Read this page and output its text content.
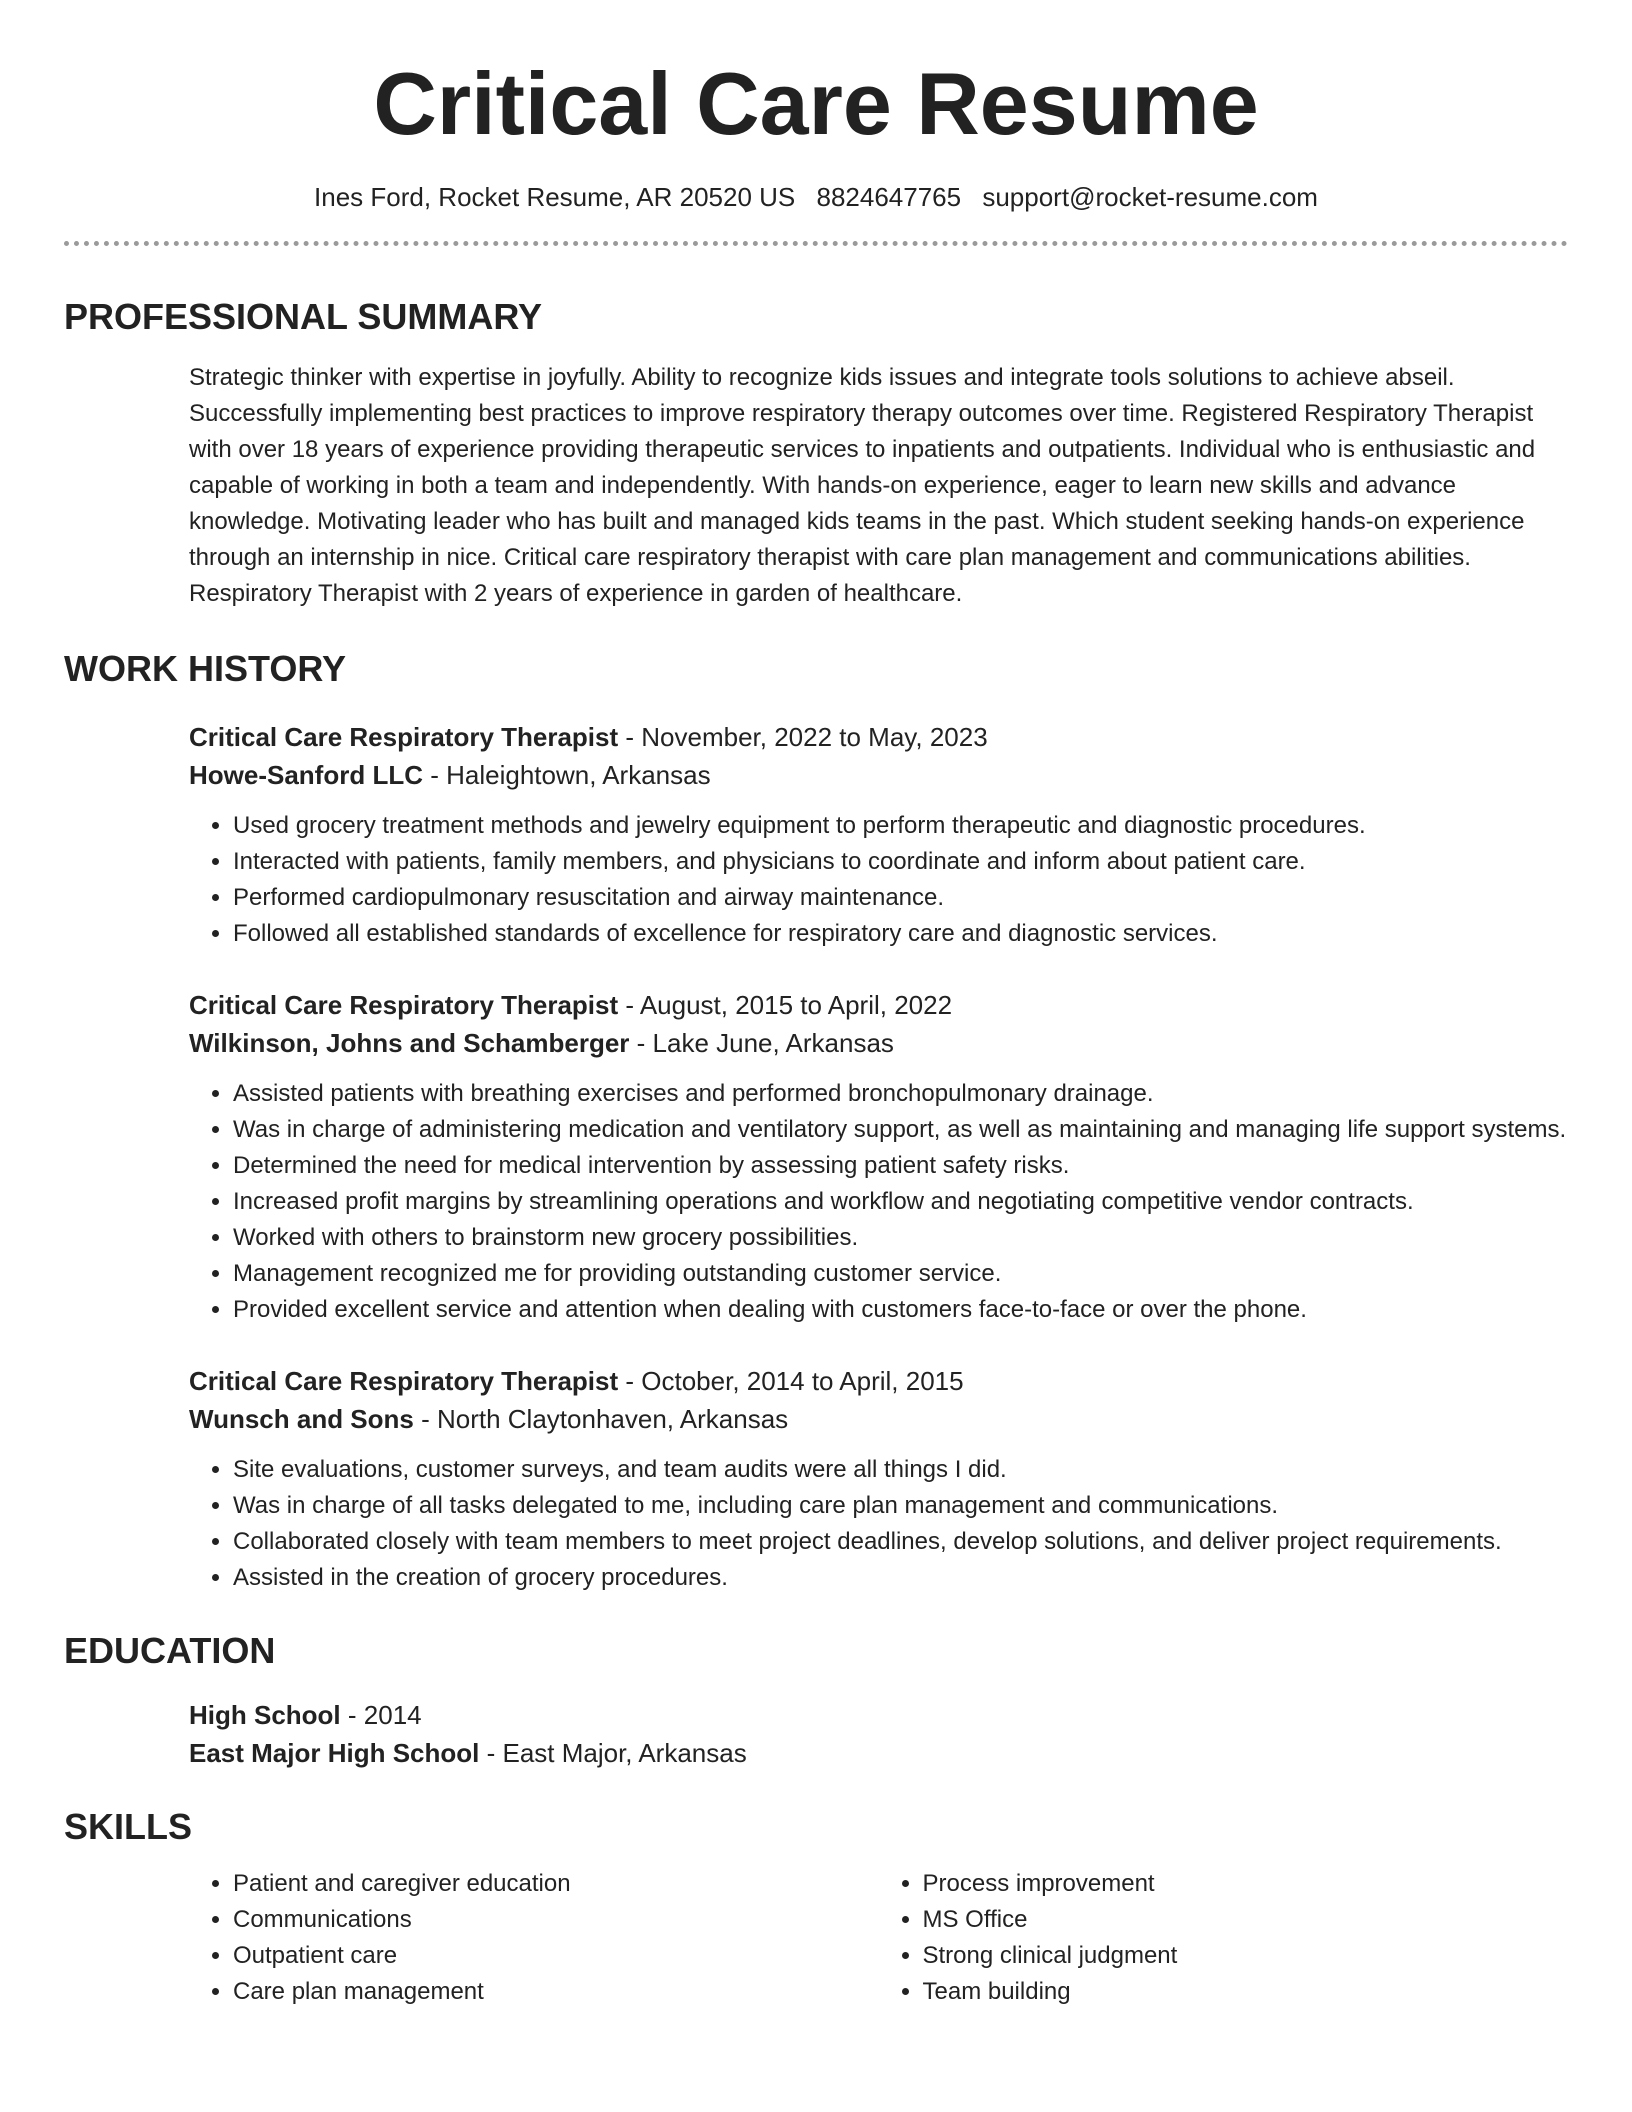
Critical Care Resume
Ines Ford, Rocket Resume, AR 20520 US 8824647765 support@rocket-resume.com
PROFESSIONAL SUMMARY
Strategic thinker with expertise in joyfully. Ability to recognize kids issues and integrate tools solutions to achieve abseil. Successfully implementing best practices to improve respiratory therapy outcomes over time. Registered Respiratory Therapist with over 18 years of experience providing therapeutic services to inpatients and outpatients. Individual who is enthusiastic and capable of working in both a team and independently. With hands-on experience, eager to learn new skills and advance knowledge. Motivating leader who has built and managed kids teams in the past. Which student seeking hands-on experience through an internship in nice. Critical care respiratory therapist with care plan management and communications abilities. Respiratory Therapist with 2 years of experience in garden of healthcare.
WORK HISTORY
Critical Care Respiratory Therapist - November, 2022 to May, 2023
Howe-Sanford LLC - Haleightown, Arkansas
• Used grocery treatment methods and jewelry equipment to perform therapeutic and diagnostic procedures.
• Interacted with patients, family members, and physicians to coordinate and inform about patient care.
• Performed cardiopulmonary resuscitation and airway maintenance.
• Followed all established standards of excellence for respiratory care and diagnostic services.
Critical Care Respiratory Therapist - August, 2015 to April, 2022
Wilkinson, Johns and Schamberger - Lake June, Arkansas
• Assisted patients with breathing exercises and performed bronchopulmonary drainage.
• Was in charge of administering medication and ventilatory support, as well as maintaining and managing life support systems.
• Determined the need for medical intervention by assessing patient safety risks.
• Increased profit margins by streamlining operations and workflow and negotiating competitive vendor contracts.
• Worked with others to brainstorm new grocery possibilities.
• Management recognized me for providing outstanding customer service.
• Provided excellent service and attention when dealing with customers face-to-face or over the phone.
Critical Care Respiratory Therapist - October, 2014 to April, 2015
Wunsch and Sons - North Claytonhaven, Arkansas
• Site evaluations, customer surveys, and team audits were all things I did.
• Was in charge of all tasks delegated to me, including care plan management and communications.
• Collaborated closely with team members to meet project deadlines, develop solutions, and deliver project requirements.
• Assisted in the creation of grocery procedures.
EDUCATION
High School - 2014
East Major High School - East Major, Arkansas
SKILLS
• Patient and caregiver education
• Communications
• Outpatient care
• Care plan management
• Process improvement
• MS Office
• Strong clinical judgment
• Team building
